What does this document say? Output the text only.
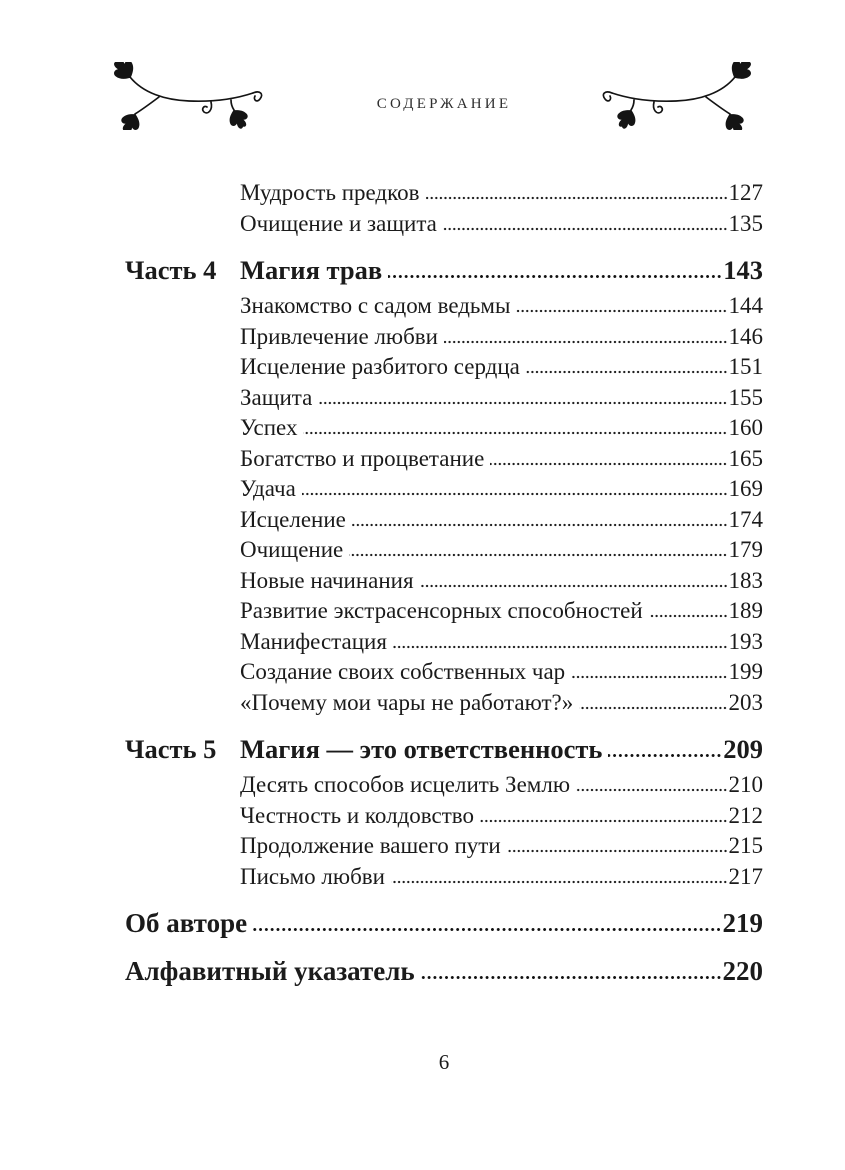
СОДЕРЖАНИЕ
Мудрость предков	127
Очищение и защита	135
Часть 4 Магия трав	143
Знакомство с садом ведьмы	144
Привлечение любви	146
Исцеление разбитого сердца	151
Защита	155
Успех	160
Богатство и процветание	165
Удача	169
Исцеление	174
Очищение	179
Новые начинания	183
Развитие экстрасенсорных способностей	189
Манифестация	193
Создание своих собственных чар	199
«Почему мои чары не работают?»	203
Часть 5 Магия — это ответственность	209
Десять способов исцелить Землю	210
Честность и колдовство	212
Продолжение вашего пути	215
Письмо любви	217
Об авторе	219
Алфавитный указатель	220
6
